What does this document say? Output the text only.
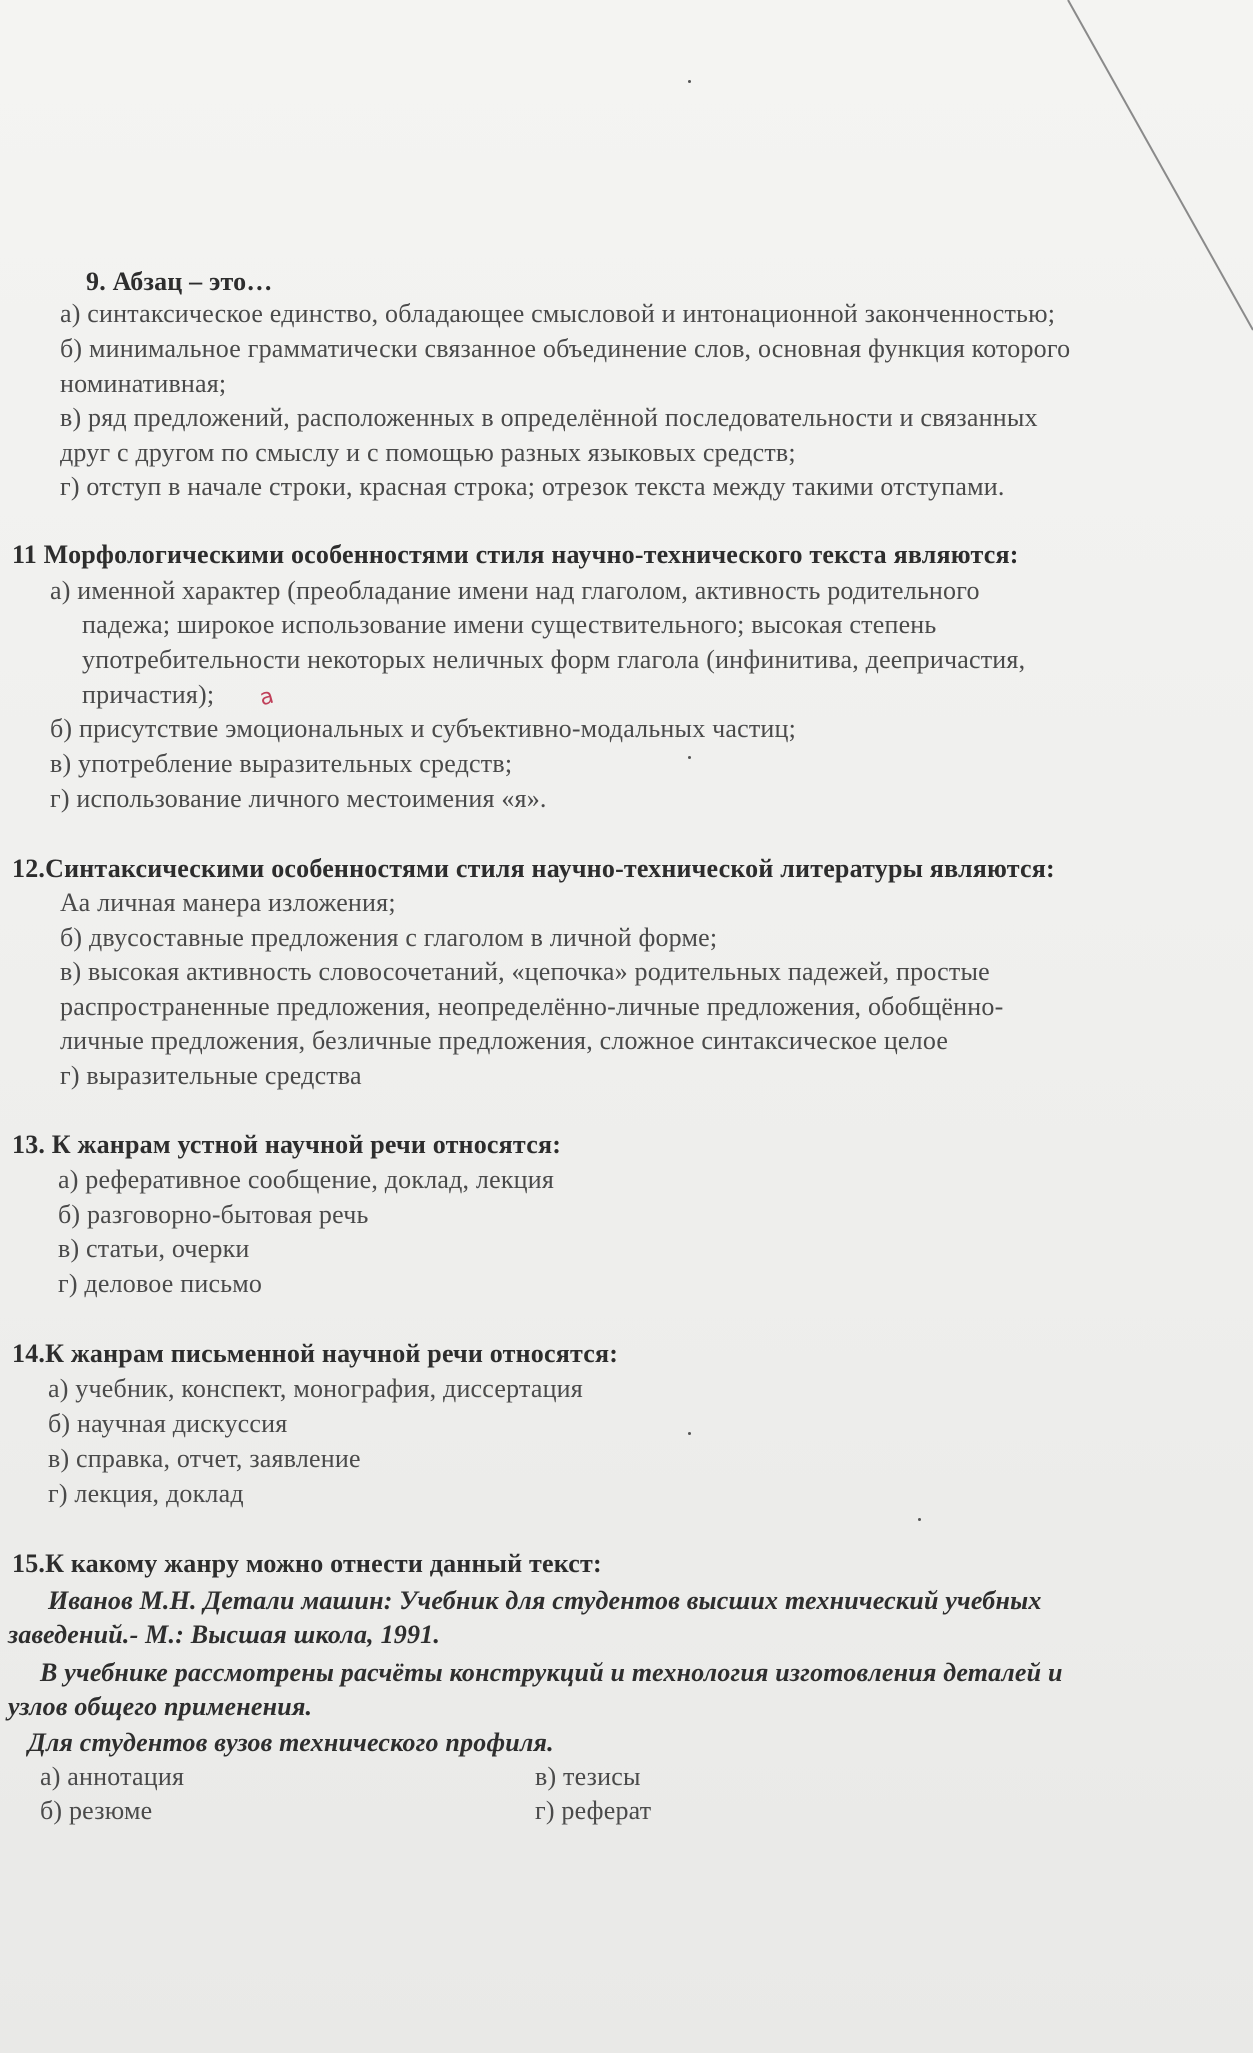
9. Абзац – это…
а) синтаксическое единство, обладающее смысловой и интонационной законченностью;
б) минимальное грамматически связанное объединение слов, основная функция которого
номинативная;
в) ряд предложений, расположенных в определённой последовательности и связанных
друг с другом по смыслу и с помощью разных языковых средств;
г) отступ в начале строки, красная строка; отрезок текста между такими отступами.
11 Морфологическими особенностями стиля научно-технического текста являются:
а) именной характер (преобладание имени над глаголом, активность родительного
падежа; широкое использование имени существительного; высокая степень
употребительности некоторых неличных форм глагола (инфинитива, деепричастия,
причастия); а
б) присутствие эмоциональных и субъективно-модальных частиц;
в) употребление выразительных средств;
г) использование личного местоимения «я».
12.Синтаксическими особенностями стиля научно-технической литературы являются:
Аа личная манера изложения;
б) двусоставные предложения с глаголом в личной форме;
в) высокая активность словосочетаний, «цепочка» родительных падежей, простые
распространенные предложения, неопределённо-личные предложения, обобщённо-
личные предложения, безличные предложения, сложное синтаксическое целое
г) выразительные средства
13. К жанрам устной научной речи относятся:
а) реферативное сообщение, доклад, лекция
б) разговорно-бытовая речь
в) статьи, очерки
г) деловое письмо
14.К жанрам письменной научной речи относятся:
а) учебник, конспект, монография, диссертация
б) научная дискуссия
в) справка, отчет, заявление
г) лекция, доклад
15.К какому жанру можно отнести данный текст:
Иванов М.Н. Детали машин: Учебник для студентов высших технический учебных
заведений.- М.: Высшая школа, 1991.
В учебнике рассмотрены расчёты конструкций и технология изготовления деталей и
узлов общего применения.
Для студентов вузов технического профиля.
а) аннотация	в) тезисы
б) резюме	г) реферат
